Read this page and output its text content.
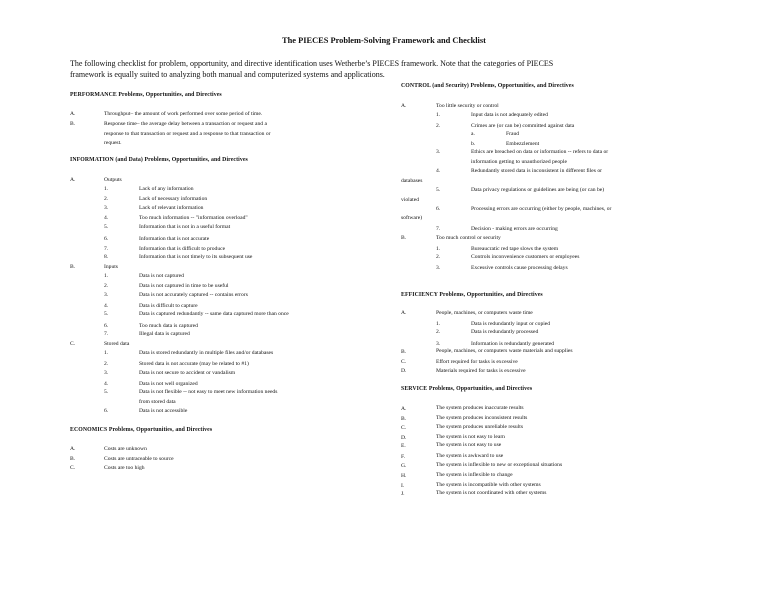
The PIECES Problem-Solving Framework and Checklist
The following checklist for problem, opportunity, and directive identification uses Wetherbe’s PIECES framework. Note that the categories of PIECES
framework is equally suited to analyzing both manual and computerized systems and applications.
PERFORMANCE Problems, Opportunities, and Directives
A.	Throughput– the amount of work performed over some period of time.
B.	Response time– the average delay between a transaction or request and a
response to that transaction or request and a response to that transaction or
request.
INFORMATION (and Data) Problems, Opportunities, and Directives
A.	Outputs
1.	Lack of any information
2.	Lack of necessary information
3.	Lack of relevant information
4.	Too much information -- "information overload"
5.	Information that is not in a useful format
6.	Information that is not accurate
7.	Information that is difficult to produce
8.	Information that is not timely to its subsequent use
B.	Inputs
1.	Data is not captured
2.	Data is not captured in time to be useful
3.	Data is not accurately captured -- contains errors
4.	Data is difficult to capture
5.	Data is captured redundantly -- same data captured more than once
6.	Too much data is captured
7.	Illegal data is captured
C.	Stored data
1.	Data is stored redundantly in multiple files and/or databases
2.	Stored data is not accurate (may be related to #1)
3.	Data is not secure to accident or vandalism
4.	Data is not well organized
5.	Data is not flexible -- not easy to meet new information needs
from stored data
6.	Data is not accessible
ECONOMICS Problems, Opportunities, and Directives
A.	Costs are unknown
B.	Costs are untraceable to source
C.	Costs are too high
CONTROL (and Security) Problems, Opportunities, and Directives
A.	Too little security or control
1.	Input data is not adequately edited
2.	Crimes are (or can be) committed against data
a.	Fraud
b.	Embezzlement
3.	Ethics are breached on data or information -- refers to data or
information getting to unauthorized people
4.	Redundantly stored data is inconsistent in different files or
databases
5.	Data privacy regulations or guidelines are being (or can be)
violated
6.	Processing errors are occurring (either by people, machines, or
software)
7.	Decision - making errors are occurring
B.	Too much control or security
1.	Bureaucratic red tape slows the system
2.	Controls inconvenience customers or employees
3.	Excessive controls cause processing delays
EFFICIENCY Problems, Opportunities, and Directives
A.	People, machines, or computers waste time
1.	Data is redundantly input or copied
2.	Data is redundantly processed
3.	Information is redundantly generated
B.	People, machines, or computers waste materials and supplies
C.	Effort required for tasks is excessive
D.	Materials required for tasks is excessive
SERVICE Problems, Opportunities, and Directives
A.	The system produces inaccurate results
B.	The system produces inconsistent results
C.	The system produces unreliable results
D.	The system is not easy to learn
E.	The system is not easy to use
F.	The system is awkward to use
G.	The system is inflexible to new or exceptional situations
H.	The system is inflexible to change
I.	The system is incompatible with other systems
J.	The system is not coordinated with other systems
